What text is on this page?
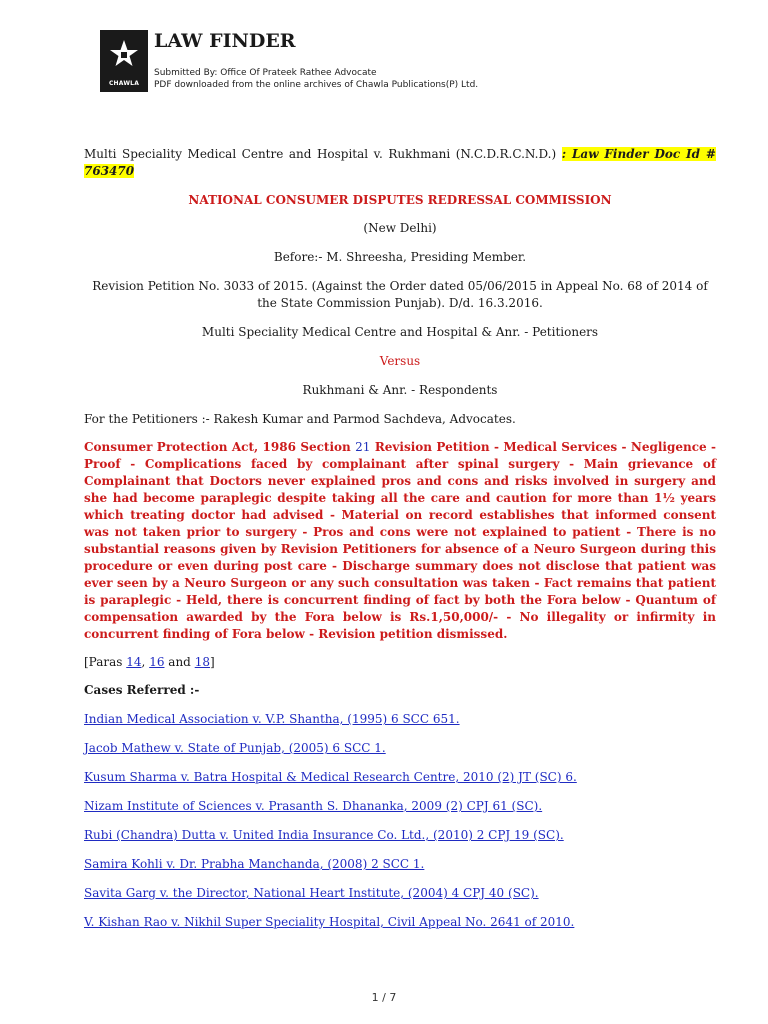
CHAWLA
LAW FINDER
Submitted By: Office Of Prateek Rathee Advocate
PDF downloaded from the online archives of Chawla Publications(P) Ltd.

Multi Speciality Medical Centre and Hospital v. Rukhmani (N.C.D.R.C.N.D.) : Law Finder Doc Id # 763470

NATIONAL CONSUMER DISPUTES REDRESSAL COMMISSION

(New Delhi)

Before:- M. Shreesha, Presiding Member.

Revision Petition No. 3033 of 2015. (Against the Order dated 05/06/2015 in Appeal No. 68 of 2014 of the State Commission Punjab). D/d. 16.3.2016.

Multi Speciality Medical Centre and Hospital & Anr. - Petitioners

Versus

Rukhmani & Anr. - Respondents

For the Petitioners :- Rakesh Kumar and Parmod Sachdeva, Advocates.

Consumer Protection Act, 1986 Section 21 Revision Petition - Medical Services - Negligence - Proof - Complications faced by complainant after spinal surgery - Main grievance of Complainant that Doctors never explained pros and cons and risks involved in surgery and she had become paraplegic despite taking all the care and caution for more than 1½ years which treating doctor had advised - Material on record establishes that informed consent was not taken prior to surgery - Pros and cons were not explained to patient - There is no substantial reasons given by Revision Petitioners for absence of a Neuro Surgeon during this procedure or even during post care - Discharge summary does not disclose that patient was ever seen by a Neuro Surgeon or any such consultation was taken - Fact remains that patient is paraplegic - Held, there is concurrent finding of fact by both the Fora below - Quantum of compensation awarded by the Fora below is Rs.1,50,000/- - No illegality or infirmity in concurrent finding of Fora below - Revision petition dismissed.

[Paras 14, 16 and 18]

Cases Referred :-

Indian Medical Association v. V.P. Shantha, (1995) 6 SCC 651.

Jacob Mathew v. State of Punjab, (2005) 6 SCC 1.

Kusum Sharma v. Batra Hospital & Medical Research Centre, 2010 (2) JT (SC) 6.

Nizam Institute of Sciences v. Prasanth S. Dhananka, 2009 (2) CPJ 61 (SC).

Rubi (Chandra) Dutta v. United India Insurance Co. Ltd., (2010) 2 CPJ 19 (SC).

Samira Kohli v. Dr. Prabha Manchanda, (2008) 2 SCC 1.

Savita Garg v. the Director, National Heart Institute, (2004) 4 CPJ 40 (SC).

V. Kishan Rao v. Nikhil Super Speciality Hospital, Civil Appeal No. 2641 of 2010.

1 / 7
